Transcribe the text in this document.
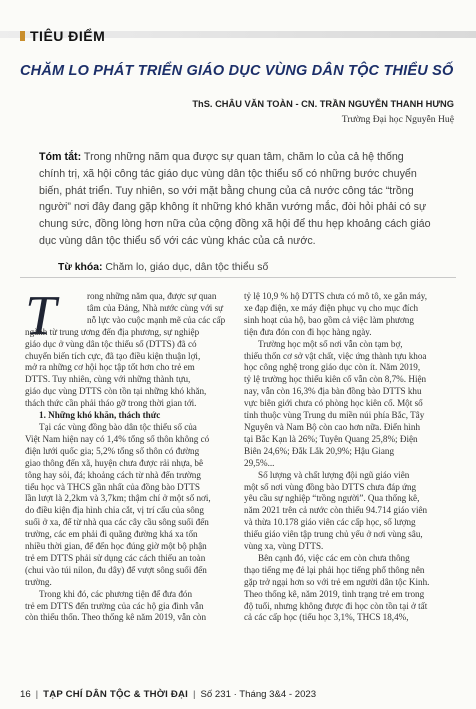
TIÊU ĐIỂM
CHĂM LO PHÁT TRIỂN GIÁO DỤC VÙNG DÂN TỘC THIỂU SỐ
ThS. CHÂU VĂN TOÀN - CN. TRẦN NGUYỄN THANH HƯNG
Trường Đại học Nguyễn Huệ
Tóm tắt: Trong những năm qua được sự quan tâm, chăm lo của cả hệ thống
chính trị, xã hội công tác giáo dục vùng dân tộc thiểu số có những bước chuyển
biến, phát triển. Tuy nhiên, so với mặt bằng chung của cả nước công tác “trồng
người” nơi đây đang gặp không ít những khó khăn vướng mắc, đòi hỏi phải có sự
chung sức, đồng lòng hơn nữa của cộng đồng xã hội để thu hẹp khoảng cách giáo
dục vùng dân tộc thiểu số với các vùng khác của cả nước.
Từ khóa: Chăm lo, giáo dục, dân tộc thiểu số
T	rong những năm qua, được sự quan
tâm của Đảng, Nhà nước cùng với sự
nỗ lực vào cuộc mạnh mẽ của các cấp
ngành từ trung ương đến địa phương, sự nghiệp
giáo dục ở vùng dân tộc thiểu số (DTTS) đã có
chuyển biến tích cực, đã tạo điều kiện thuận lợi,
mở ra những cơ hội học tập tốt hơn cho trẻ em
DTTS. Tuy nhiên, cùng với những thành tựu,
giáo dục vùng DTTS còn tồn tại những khó khăn,
thách thức cần phải tháo gỡ trong thời gian tới.
1. Những khó khăn, thách thức
Tại các vùng đồng bào dân tộc thiểu số của
Việt Nam hiện nay có 1,4% tổng số thôn không có
điện lưới quốc gia; 5,2% tổng số thôn có đường
giao thông đến xã, huyện chưa được rải nhựa, bê
tông hay sỏi, đá; khoảng cách từ nhà đến trường
tiểu học và THCS gần nhất của đồng bào DTTS
lần lượt là 2,2km và 3,7km; thậm chí ở một số nơi,
do điều kiện địa hình chia cắt, vị trí cấu của sông
suối ở xa, để từ nhà qua các cây cầu sông suối đến
trường, các em phải đi quãng đường khá xa tốn
nhiều thời gian, để đến học đúng giờ một bộ phận
trẻ em DTTS phải sử dụng các cách thiếu an toàn
(chui vào túi nilon, đu dây) để vượt sông suối đến
trường.
Trong khi đó, các phương tiện để đưa đón
trẻ em DTTS đến trường của các hộ gia đình vẫn
còn thiếu thốn. Theo thống kê năm 2019, vẫn còn
tỷ lệ 10,9 % hộ DTTS chưa có mô tô, xe gắn máy,
xe đạp điện, xe máy điện phục vụ cho mục đích
sinh hoạt của hộ, bao gồm cả việc làm phương
tiện đưa đón con đi học hàng ngày.
Trường học một số nơi vẫn còn tạm bợ,
thiếu thốn cơ sở vật chất, việc ứng thành tựu khoa
học công nghệ trong giáo dục còn ít. Năm 2019,
tỷ lệ trường học thiếu kiên cố vẫn còn 8,7%. Hiện
nay, vẫn còn 16,3% địa bàn đồng bào DTTS khu
vực biên giới chưa có phòng học kiên cố. Một số
tỉnh thuộc vùng Trung du miền núi phía Bắc, Tây
Nguyên và Nam Bộ còn cao hơn nữa. Điển hình
tại Bắc Kạn là 26%; Tuyên Quang 25,8%; Điện
Biên 24,6%; Đắk Lắk 20,9%; Hậu Giang
29,5%...
Số lượng và chất lượng đội ngũ giáo viên
một số nơi vùng đồng bào DTTS chưa đáp ứng
yêu cầu sự nghiệp “trồng người”. Qua thống kê,
năm 2021 trên cả nước còn thiếu 94.714 giáo viên
và thừa 10.178 giáo viên các cấp học, số lượng
thiếu giáo viên tập trung chủ yếu ở nơi vùng sâu,
vùng xa, vùng DTTS.
Bên cạnh đó, việc các em còn chưa thông
thạo tiếng mẹ đẻ lại phải học tiếng phổ thông nên
gặp trở ngại hơn so với trẻ em người dân tộc Kinh.
Theo thống kê, năm 2019, tình trạng trẻ em trong
độ tuổi, nhưng không được đi học còn tồn tại ở tất
cả các cấp học (tiểu học 3,1%, THCS 18,4%,
16 | TẠP CHÍ DÂN TỘC & THỜI ĐẠI | Số 231 · Tháng 3&4 - 2023
